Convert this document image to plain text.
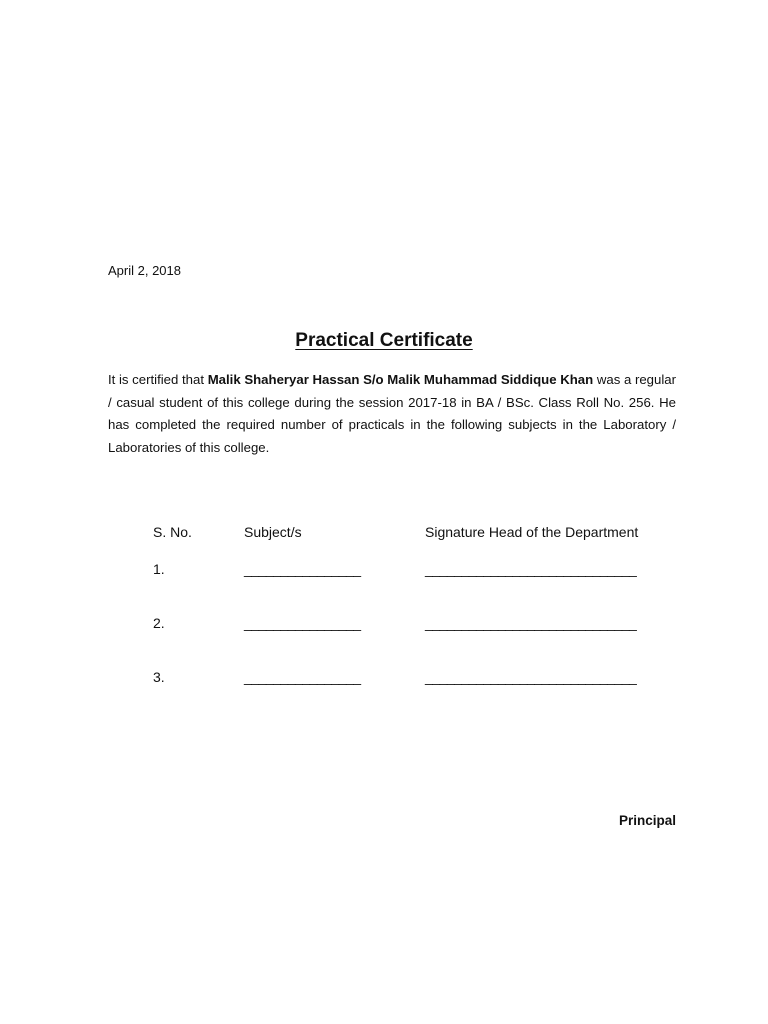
April 2, 2018
Practical Certificate
It is certified that Malik Shaheryar Hassan S/o Malik Muhammad Siddique Khan was a regular / casual student of this college during the session 2017-18 in BA / BSc. Class Roll No. 256. He has completed the required number of practicals in the following subjects in the Laboratory / Laboratories of this college.
S. No.	Subject/s	Signature Head of the Department
1.	________________	_____________________________
2.	________________	_____________________________
3.	________________	_____________________________
Principal
